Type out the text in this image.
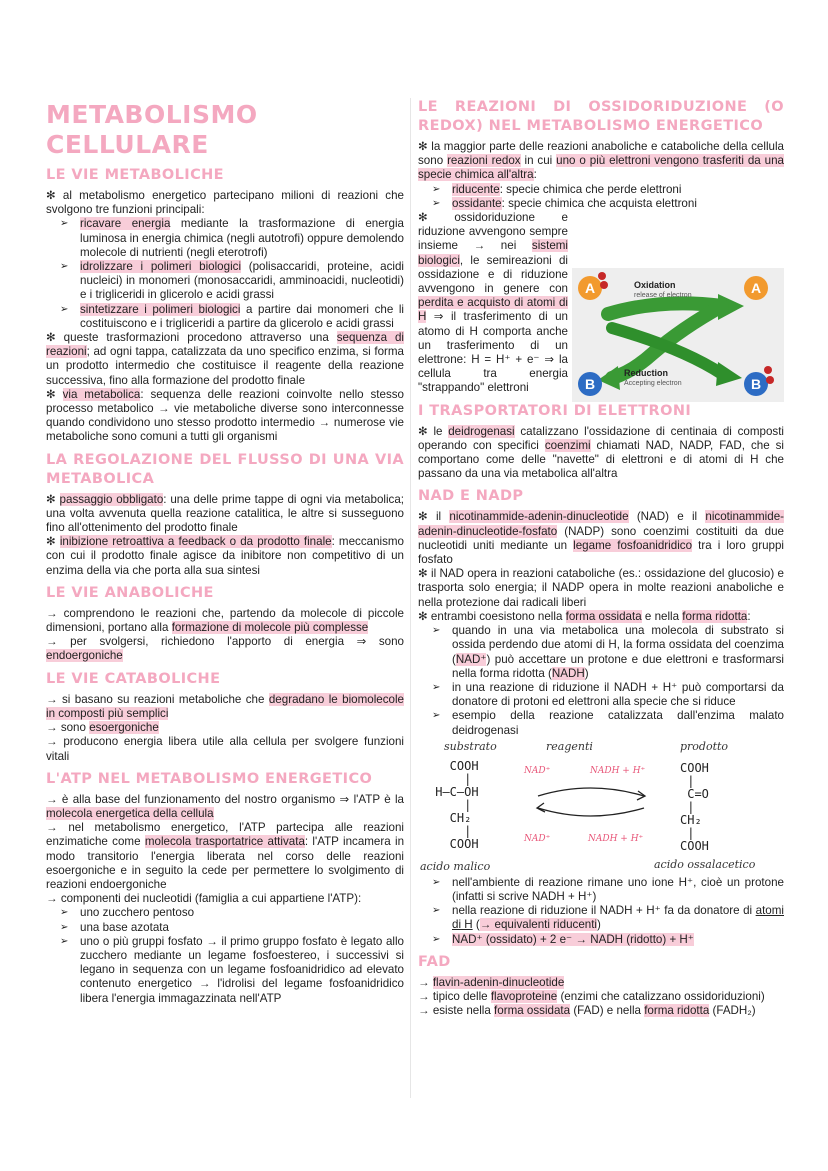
METABOLISMO CELLULARE
LE VIE METABOLICHE

✻ al metabolismo energetico partecipano milioni di reazioni che svolgono tre funzioni principali:

➢ ricavare energia mediante la trasformazione di energia luminosa in energia chimica (negli autotrofi) oppure demolendo molecole di nutrienti (negli eterotrofi)
➢ idrolizzare i polimeri biologici (polisaccaridi, proteine, acidi nucleici) in monomeri (monosaccaridi, amminoacidi, nucleotidi) e i trigliceridi in glicerolo e acidi grassi
➢ sintetizzare i polimeri biologici a partire dai monomeri che li costituiscono e i trigliceridi a partire da glicerolo e acidi grassi

✻ queste trasformazioni procedono attraverso una sequenza di reazioni; ad ogni tappa, catalizzata da uno specifico enzima, si forma un prodotto intermedio che costituisce il reagente della reazione successiva, fino alla formazione del prodotto finale

✻ via metabolica: sequenza delle reazioni coinvolte nello stesso processo metabolico → vie metaboliche diverse sono interconnesse quando condividono uno stesso prodotto intermedio → numerose vie metaboliche sono comuni a tutti gli organismi

LA REGOLAZIONE DEL FLUSSO DI UNA VIA METABOLICA

✻ passaggio obbligato: una delle prime tappe di ogni via metabolica; una volta avvenuta quella reazione catalitica, le altre si susseguono fino all'ottenimento del prodotto finale

✻ inibizione retroattiva a feedback o da prodotto finale: meccanismo con cui il prodotto finale agisce da inibitore non competitivo di un enzima della via che porta alla sua sintesi

LE VIE ANABOLICHE

→ comprendono le reazioni che, partendo da molecole di piccole dimensioni, portano alla formazione di molecole più complesse

→ per svolgersi, richiedono l'apporto di energia ⇒ sono endoergoniche

LE VIE CATABOLICHE

→ si basano su reazioni metaboliche che degradano le biomolecole in composti più semplici

→ sono esoergoniche

→ producono energia libera utile alla cellula per svolgere funzioni vitali

L'ATP NEL METABOLISMO ENERGETICO

→ è alla base del funzionamento del nostro organismo ⇒ l'ATP è la molecola energetica della cellula

→ nel metabolismo energetico, l'ATP partecipa alle reazioni enzimatiche come molecola trasportatrice attivata: l'ATP incamera in modo transitorio l'energia liberata nel corso delle reazioni esoergoniche e in seguito la cede per permettere lo svolgimento di reazioni endoergoniche

→ componenti dei nucleotidi (famiglia a cui appartiene l'ATP):

➢ uno zucchero pentoso
➢ una base azotata
➢ uno o più gruppi fosfato → il primo gruppo fosfato è legato allo zucchero mediante un legame fosfoestereo, i successivi si legano in sequenza con un legame fosfoanidridico ad elevato contenuto energetico → l'idrolisi del legame fosfoanidridico libera l'energia immagazzinata nell'ATP
LE REAZIONI DI OSSIDORIDUZIONE (O REDOX) NEL METABOLISMO ENERGETICO

✻ la maggior parte delle reazioni anaboliche e cataboliche della cellula sono reazioni redox in cui uno o più elettroni vengono trasferiti da una specie chimica all'altra:

➢ riducente: specie chimica che perde elettroni
➢ ossidante: specie chimica che acquista elettroni

✻ ossidoriduzione e riduzione avvengono sempre insieme → nei sistemi biologici, le semireazioni di ossidazione e di riduzione avvengono in genere con perdita e acquisto di atomi di H ⇒ il trasferimento di un atomo di H comporta anche un trasferimento di un elettrone: H = H⁺ + e⁻ ⇒ la cellula tra energia "strappando" elettroni

I TRASPORTATORI DI ELETTRONI

✻ le deidrogenasi catalizzano l'ossidazione di centinaia di composti operando con specifici coenzimi chiamati NAD, NADP, FAD, che si comportano come delle "navette" di elettroni e di atomi di H che passano da una via metabolica all'altra

NAD E NADP

✻ il nicotinammide-adenin-dinucleotide (NAD) e il nicotinammide-adenin-dinucleotide-fosfato (NADP) sono coenzimi costituiti da due nucleotidi uniti mediante un legame fosfoanidridico tra i loro gruppi fosfato

✻ il NAD opera in reazioni cataboliche (es.: ossidazione del glucosio) e trasporta solo energia; il NADP opera in molte reazioni anaboliche e nella protezione dai radicali liberi

✻ entrambi coesistono nella forma ossidata e nella forma ridotta:

➢ quando in una via metabolica una molecola di substrato si ossida perdendo due atomi di H, la forma ossidata del coenzima (NAD⁺) può accettare un protone e due elettroni e trasformarsi nella forma ridotta (NADH)
➢ in una reazione di riduzione il NADH + H⁺ può comportarsi da donatore di protoni ed elettroni alla specie che si riduce
➢ esempio della reazione catalizzata dall'enzima malato deidrogenasi
substrato	reagenti	prodotto
COOH
|
H—C—OH
|
CH₂
|
COOH
NAD⁺	NADH + H⁺
NAD⁺	NADH + H⁺
COOH
|
C=O
|
CH₂
|
COOH
acido malico	acido ossalacetico
➢ nell'ambiente di reazione rimane uno ione H⁺, cioè un protone (infatti si scrive NADH + H⁺)
➢ nella reazione di riduzione il NADH + H⁺ fa da donatore di atomi di H (→ equivalenti riducenti)
➢ NAD⁺ (ossidato) + 2 e⁻ → NADH (ridotto) + H⁺
FAD

→ flavin-adenin-dinucleotide

→ tipico delle flavoproteine (enzimi che catalizzano ossidoriduzioni)

→ esiste nella forma ossidata (FAD) e nella forma ridotta (FADH₂)

A	A
Oxidation
release of electron
B	B
Reduction
Accepting electron
